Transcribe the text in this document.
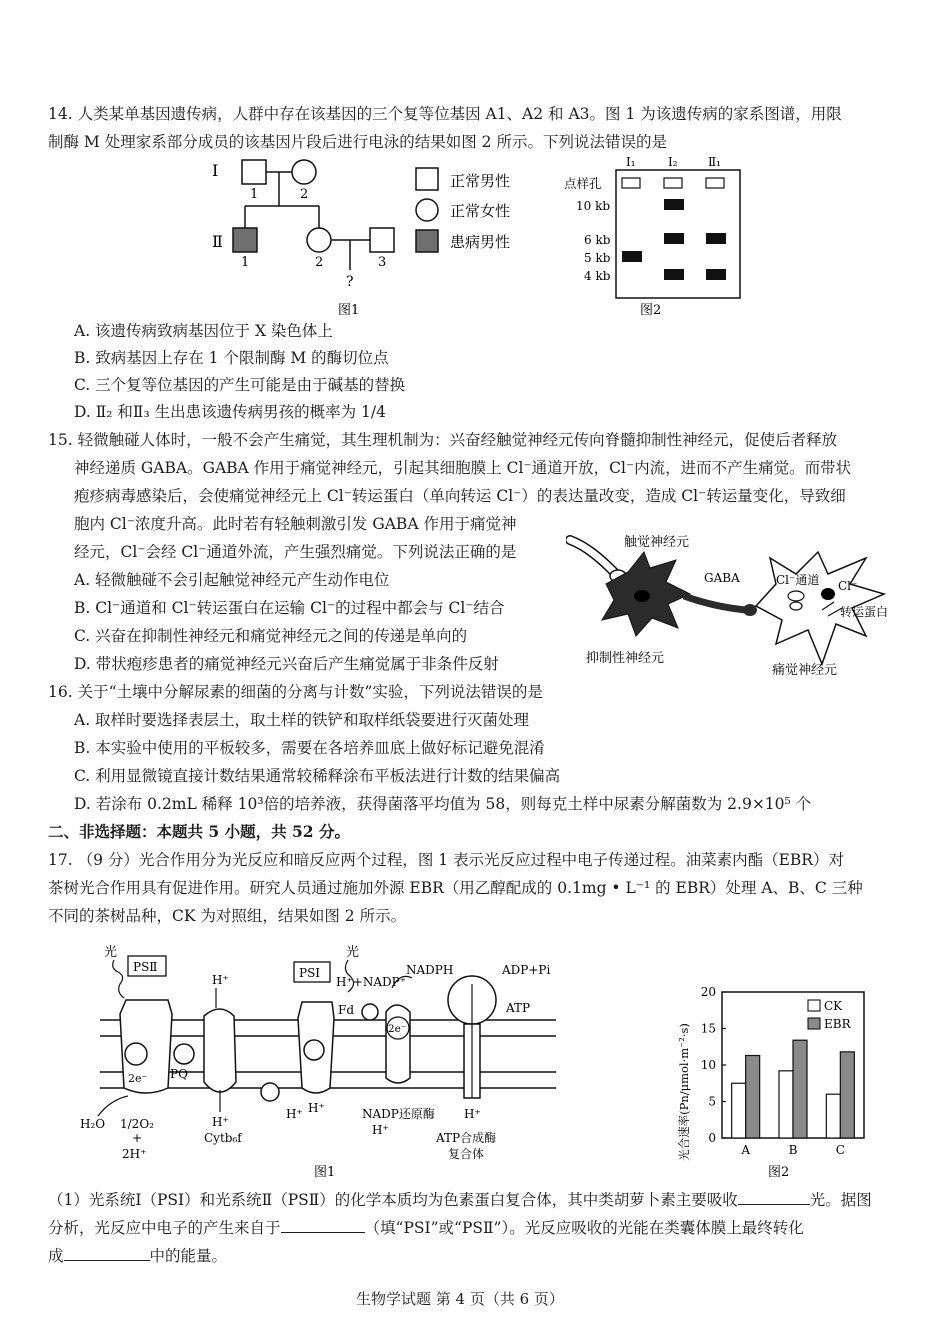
14. 人类某单基因遗传病，人群中存在该基因的三个复等位基因 A1、A2 和 A3。图 1 为该遗传病的家系图谱，用限
制酶 M 处理家系部分成员的该基因片段后进行电泳的结果如图 2 所示。下列说法错误的是
I
1	2
Ⅱ
1	2	3
?
图1
正常男性
正常女性
患病男性
I₁	I₂	Ⅱ₁
点样孔
10 kb
6 kb
5 kb
4 kb
图2
A. 该遗传病致病基因位于 X 染色体上
B. 致病基因上存在 1 个限制酶 M 的酶切位点
C. 三个复等位基因的产生可能是由于碱基的替换
D. Ⅱ₂ 和Ⅱ₃ 生出患该遗传病男孩的概率为 1/4
15. 轻微触碰人体时，一般不会产生痛觉，其生理机制为：兴奋经触觉神经元传向脊髓抑制性神经元，促使后者释放
神经递质 GABA。GABA 作用于痛觉神经元，引起其细胞膜上 Cl⁻通道开放，Cl⁻内流，进而不产生痛觉。而带状
疱疹病毒感染后，会使痛觉神经元上 Cl⁻转运蛋白（单向转运 Cl⁻）的表达量改变，造成 Cl⁻转运量变化，导致细
胞内 Cl⁻浓度升高。此时若有轻触刺激引发 GABA 作用于痛觉神
经元，Cl⁻会经 Cl⁻通道外流，产生强烈痛觉。下列说法正确的是
A. 轻微触碰不会引起触觉神经元产生动作电位
B. Cl⁻通道和 Cl⁻转运蛋白在运输 Cl⁻的过程中都会与 Cl⁻结合
C. 兴奋在抑制性神经元和痛觉神经元之间的传递是单向的
D. 带状疱疹患者的痛觉神经元兴奋后产生痛觉属于非条件反射
触觉神经元
抑制性神经元
GABA	Cl⁻通道 Cl⁻
转运蛋白
痛觉神经元
16. 关于“土壤中分解尿素的细菌的分离与计数”实验，下列说法错误的是
A. 取样时要选择表层土，取土样的铁铲和取样纸袋要进行灭菌处理
B. 本实验中使用的平板较多，需要在各培养皿底上做好标记避免混淆
C. 利用显微镜直接计数结果通常较稀释涂布平板法进行计数的结果偏高
D. 若涂布 0.2mL 稀释 10³倍的培养液，获得菌落平均值为 58，则每克土样中尿素分解菌数为 2.9×10⁵ 个
二、非选择题：本题共 5 小题，共 52 分。
17. （9 分）光合作用分为光反应和暗反应两个过程，图 1 表示光反应过程中电子传递过程。油菜素内酯（EBR）对
茶树光合作用具有促进作用。研究人员通过施加外源 EBR（用乙醇配成的 0.1mg • L⁻¹ 的 EBR）处理 A、B、C 三种
不同的茶树品种，CK 为对照组，结果如图 2 所示。
光
PSⅡ
2e⁻ PQ
H⁺
H⁺
Cytb₆f
H₂O 1/2O₂
+
2H⁺
光
PSⅠ
H⁺ H⁺
H⁺+NADP⁺
NADPH
Fd
2e⁻
NADP还原酶
H⁺
ADP+Pi
ATP
H⁺
ATP合成酶
复合体
图1
光合速率(Pn/μmol·m⁻²·s) 0
5
10
15
20
A	B	C
CK
EBR
图2
（1）光系统Ⅰ（PSⅠ）和光系统Ⅱ（PSⅡ）的化学本质均为色素蛋白复合体，其中类胡萝卜素主要吸收	光。据图
分析，光反应中电子的产生来自于	（填“PSⅠ”或“PSⅡ”）。光反应吸收的光能在类囊体膜上最终转化
成	中的能量。
生物学试题 第 4 页（共 6 页）
